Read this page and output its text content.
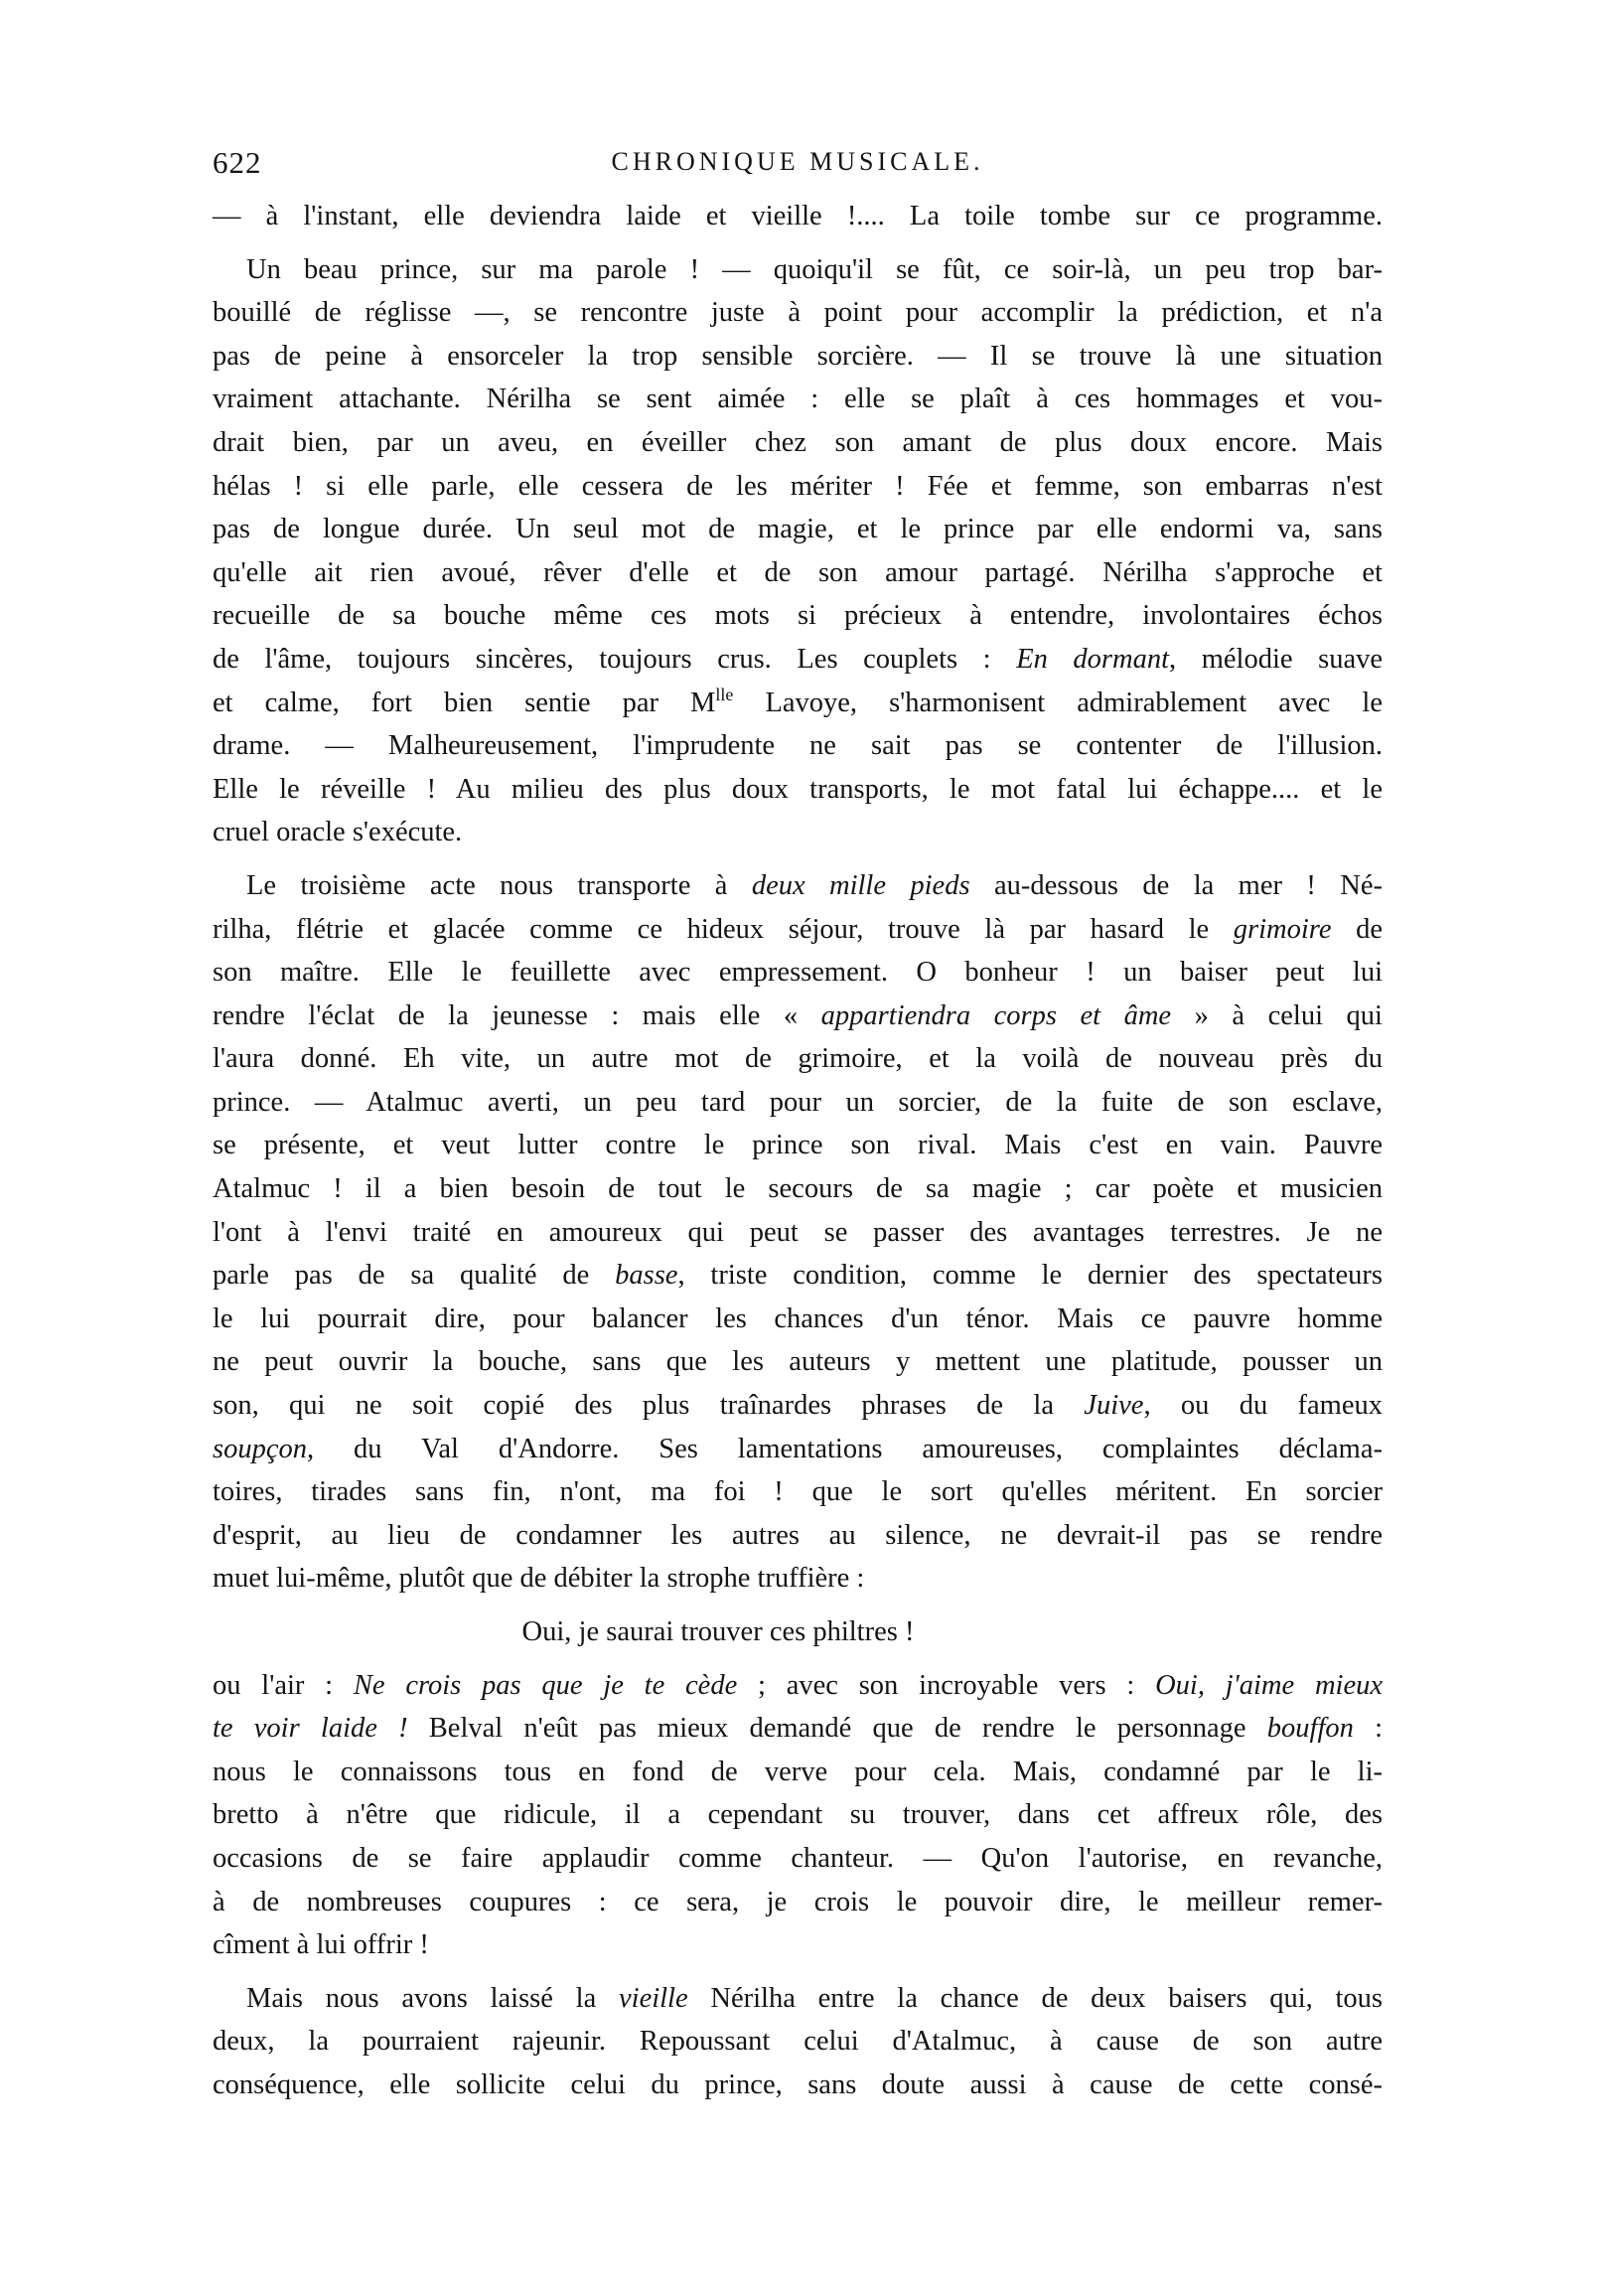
622	CHRONIQUE MUSICALE.
— à l'instant, elle deviendra laide et vieille !.... La toile tombe sur ce programme.
Un beau prince, sur ma parole ! — quoiqu'il se fût, ce soir-là, un peu trop bar-
bouillé de réglisse —, se rencontre juste à point pour accomplir la prédiction, et n'a
pas de peine à ensorceler la trop sensible sorcière. — Il se trouve là une situation
vraiment attachante. Nérilha se sent aimée : elle se plaît à ces hommages et vou-
drait bien, par un aveu, en éveiller chez son amant de plus doux encore. Mais
hélas ! si elle parle, elle cessera de les mériter ! Fée et femme, son embarras n'est
pas de longue durée. Un seul mot de magie, et le prince par elle endormi va, sans
qu'elle ait rien avoué, rêver d'elle et de son amour partagé. Nérilha s'approche et
recueille de sa bouche même ces mots si précieux à entendre, involontaires échos
de l'âme, toujours sincères, toujours crus. Les couplets : En dormant, mélodie suave
et calme, fort bien sentie par $M^{lle}$ Lavoye, s'harmonisent admirablement avec le
drame. — Malheureusement, l'imprudente ne sait pas se contenter de l'illusion.
Elle le réveille ! Au milieu des plus doux transports, le mot fatal lui échappe.... et le
cruel oracle s'exécute.
Le troisième acte nous transporte à deux mille pieds au-dessous de la mer ! Né-
rilha, flétrie et glacée comme ce hideux séjour, trouve là par hasard le grimoire de
son maître. Elle le feuillette avec empressement. O bonheur ! un baiser peut lui
rendre l'éclat de la jeunesse : mais elle « appartiendra corps et âme » à celui qui
l'aura donné. Eh vite, un autre mot de grimoire, et la voilà de nouveau près du
prince. — Atalmuc averti, un peu tard pour un sorcier, de la fuite de son esclave,
se présente, et veut lutter contre le prince son rival. Mais c'est en vain. Pauvre
Atalmuc ! il a bien besoin de tout le secours de sa magie ; car poète et musicien
l'ont à l'envi traité en amoureux qui peut se passer des avantages terrestres. Je ne
parle pas de sa qualité de basse, triste condition, comme le dernier des spectateurs
le lui pourrait dire, pour balancer les chances d'un ténor. Mais ce pauvre homme
ne peut ouvrir la bouche, sans que les auteurs y mettent une platitude, pousser un
son, qui ne soit copié des plus traînardes phrases de la Juive, ou du fameux
soupçon, du Val d'Andorre. Ses lamentations amoureuses, complaintes déclama-
toires, tirades sans fin, n'ont, ma foi ! que le sort qu'elles méritent. En sorcier
d'esprit, au lieu de condamner les autres au silence, ne devrait-il pas se rendre
muet lui-même, plutôt que de débiter la strophe truffière :
Oui, je saurai trouver ces philtres !
ou l'air : Ne crois pas que je te cède ; avec son incroyable vers : Oui, j'aime mieux
te voir laide ! Belval n'eût pas mieux demandé que de rendre le personnage bouffon :
nous le connaissons tous en fond de verve pour cela. Mais, condamné par le li-
bretto à n'être que ridicule, il a cependant su trouver, dans cet affreux rôle, des
occasions de se faire applaudir comme chanteur. — Qu'on l'autorise, en revanche,
à de nombreuses coupures : ce sera, je crois le pouvoir dire, le meilleur remer-
cîment à lui offrir !
Mais nous avons laissé la vieille Nérilha entre la chance de deux baisers qui, tous
deux, la pourraient rajeunir. Repoussant celui d'Atalmuc, à cause de son autre
conséquence, elle sollicite celui du prince, sans doute aussi à cause de cette consé-
